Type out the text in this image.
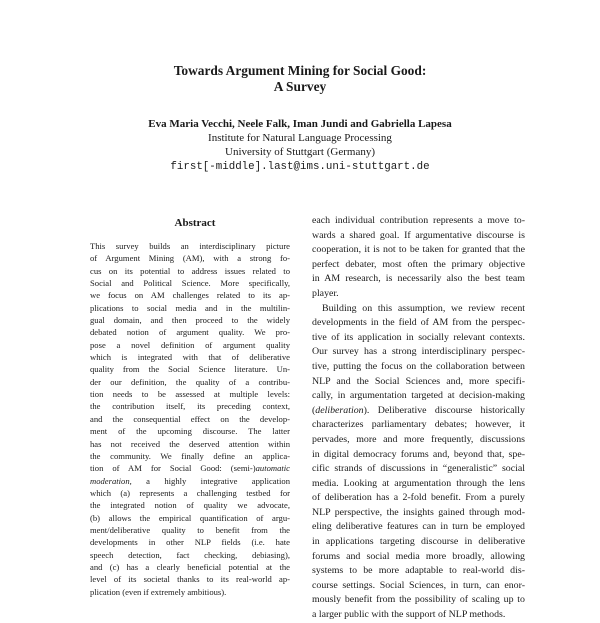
Towards Argument Mining for Social Good:
A Survey
Eva Maria Vecchi, Neele Falk, Iman Jundi and Gabriella Lapesa
Institute for Natural Language Processing
University of Stuttgart (Germany)
first[-middle].last@ims.uni-stuttgart.de
Abstract
This survey builds an interdisciplinary picture
of Argument Mining (AM), with a strong fo-
cus on its potential to address issues related to
Social and Political Science. More specifically,
we focus on AM challenges related to its ap-
plications to social media and in the multilin-
gual domain, and then proceed to the widely
debated notion of argument quality. We pro-
pose a novel definition of argument quality
which is integrated with that of deliberative
quality from the Social Science literature. Un-
der our definition, the quality of a contribu-
tion needs to be assessed at multiple levels:
the contribution itself, its preceding context,
and the consequential effect on the develop-
ment of the upcoming discourse. The latter
has not received the deserved attention within
the community. We finally define an applica-
tion of AM for Social Good: (semi-)automatic
moderation, a highly integrative application
which (a) represents a challenging testbed for
the integrated notion of quality we advocate,
(b) allows the empirical quantification of argu-
ment/deliberative quality to benefit from the
developments in other NLP fields (i.e. hate
speech detection, fact checking, debiasing),
and (c) has a clearly beneficial potential at the
level of its societal thanks to its real-world ap-
plication (even if extremely ambitious).
each individual contribution represents a move to-
wards a shared goal. If argumentative discourse is
cooperation, it is not to be taken for granted that the
perfect debater, most often the primary objective
in AM research, is necessarily also the best team
player.
Building on this assumption, we review recent
developments in the field of AM from the perspec-
tive of its application in socially relevant contexts.
Our survey has a strong interdisciplinary perspec-
tive, putting the focus on the collaboration between
NLP and the Social Sciences and, more specifi-
cally, in argumentation targeted at decision-making
(deliberation). Deliberative discourse historically
characterizes parliamentary debates; however, it
pervades, more and more frequently, discussions
in digital democracy forums and, beyond that, spe-
cific strands of discussions in “generalistic” social
media. Looking at argumentation through the lens
of deliberation has a 2-fold benefit. From a purely
NLP perspective, the insights gained through mod-
eling deliberative features can in turn be employed
in applications targeting discourse in deliberative
forums and social media more broadly, allowing
systems to be more adaptable to real-world dis-
course settings. Social Sciences, in turn, can enor-
mously benefit from the possibility of scaling up to
a larger public with the support of NLP methods.
